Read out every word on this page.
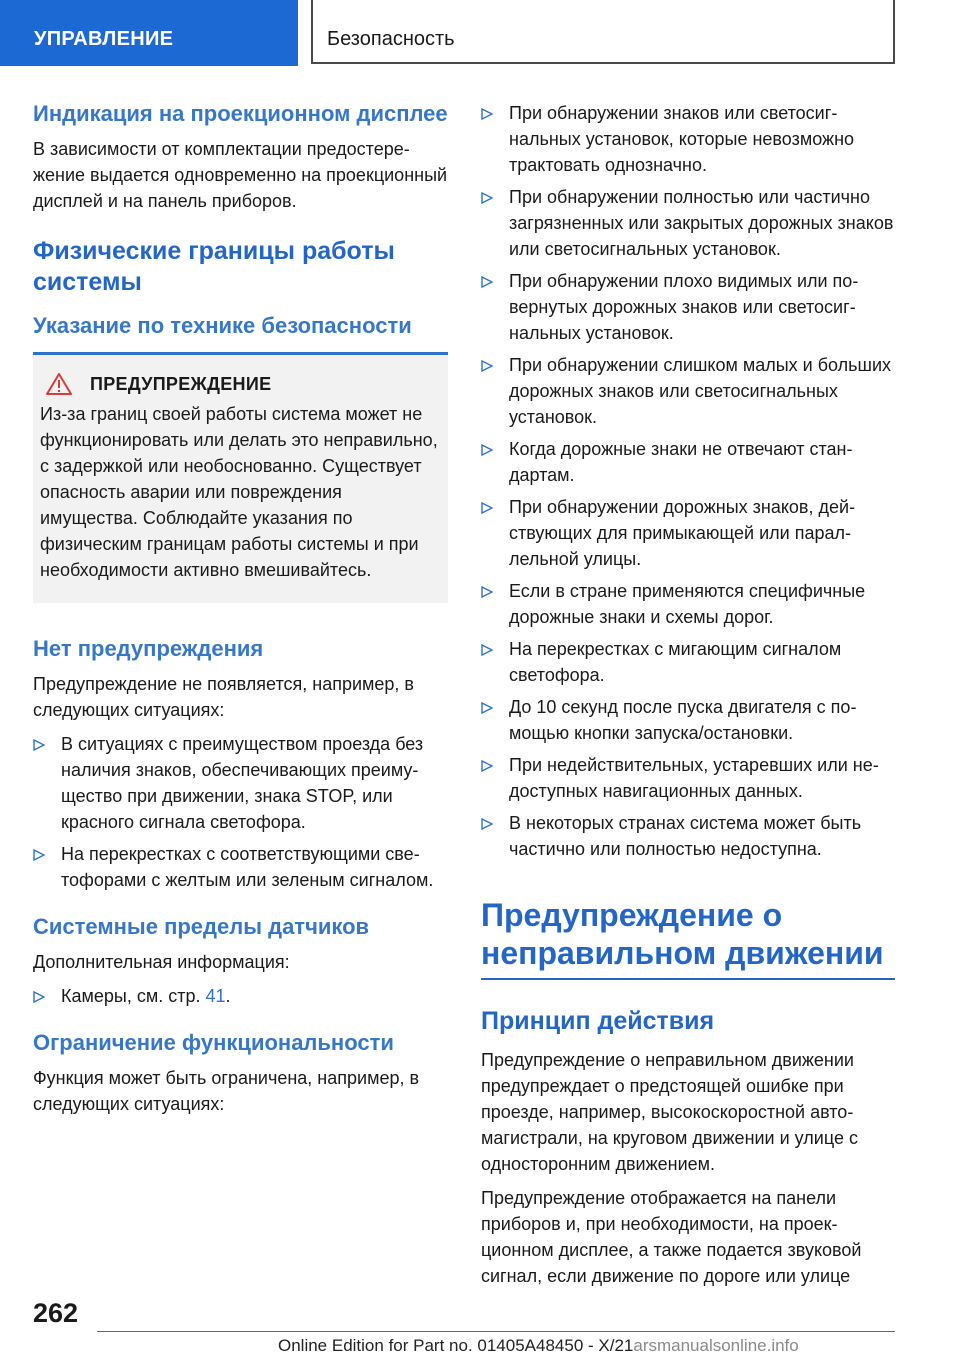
УПРАВЛЕНИЕ	Безопасность
Индикация на проекционном дисплее

В зависимости от комплектации предостережение выдается одновременно на проекционный дисплей и на панель приборов.

Физические границы работы системы
Указание по технике безопасности
ПРЕДУПРЕЖДЕНИЕ

Из-за границ своей работы система может не функционировать или делать это неправильно, с задержкой или необоснованно. Существует опасность аварии или повреждения имущества. Соблюдайте указания по физическим границам работы системы и при необходимости активно вмешивайтесь.

Нет предупреждения

Предупреждение не появляется, например, в следующих ситуациях:

В ситуациях с преимуществом проезда без наличия знаков, обеспечивающих преимущество при движении, знака STOP, или красного сигнала светофора.
На перекрестках с соответствующими светофорами с желтым или зеленым сигналом.
Системные пределы датчиков

Дополнительная информация:

Камеры, см. стр. 41.
Ограничение функциональности

Функция может быть ограничена, например, в следующих ситуациях:

При обнаружении знаков или светосигнальных установок, которые невозможно трактовать однозначно.
При обнаружении полностью или частично загрязненных или закрытых дорожных знаков или светосигнальных установок.
При обнаружении плохо видимых или повернутых дорожных знаков или светосигнальных установок.
При обнаружении слишком малых и больших дорожных знаков или светосигнальных установок.
Когда дорожные знаки не отвечают стандартам.
При обнаружении дорожных знаков, действующих для примыкающей или параллельной улицы.
Если в стране применяются специфичные дорожные знаки и схемы дорог.
На перекрестках с мигающим сигналом светофора.
До 10 секунд после пуска двигателя с помощью кнопки запуска/остановки.
При недействительных, устаревших или недоступных навигационных данных.
В некоторых странах система может быть частично или полностью недоступна.
Предупреждение о неправильном движении
Принцип действия

Предупреждение о неправильном движении предупреждает о предстоящей ошибке при проезде, например, высокоскоростной автомагистрали, на круговом движении и улице с односторонним движением.

Предупреждение отображается на панели приборов и, при необходимости, на проекционном дисплее, а также подается звуковой сигнал, если движение по дороге или улице

262
Online Edition for Part no. 01405A48450 - X/21arsmanualsonline.info
